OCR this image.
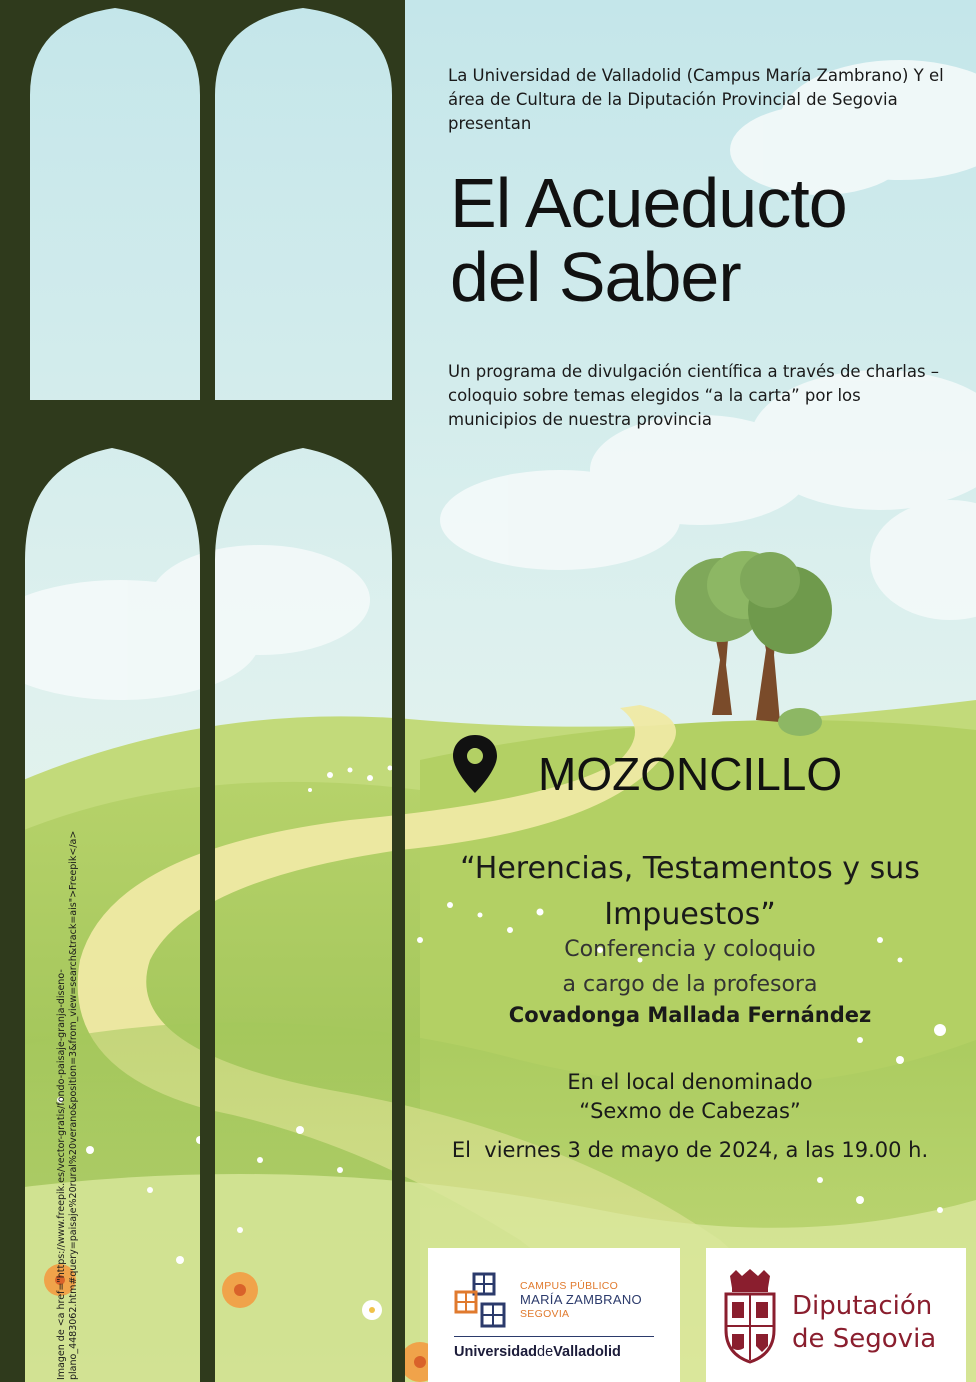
La Universidad de Valladolid (Campus María Zambrano) Y el área de Cultura de la Diputación Provincial de Segovia presentan
El Acueducto
del Saber
Un programa de divulgación científica a través de charlas – coloquio sobre temas elegidos “a la carta” por los municipios de nuestra provincia
MOZONCILLO
“Herencias, Testamentos y sus Impuestos”
Conferencia y coloquio
a cargo de la profesora
Covadonga Mallada Fernández
En el local denominado
“Sexmo de Cabezas”
El  viernes 3 de mayo de 2024, a las 19.00 h.
Imagen de <a href="https://www.freepik.es/vector-gratis/fondo-paisaje-granja-diseno-plano_4483062.htm#query=paisaje%20rural%20verano&position=3&from_view=search&track=ais">Freepik</a>	CAMPUS PÚBLICO
MARÍA ZAMBRANO
SEGOVIA
UniversidaddeValladolid
Diputación
de Segovia
